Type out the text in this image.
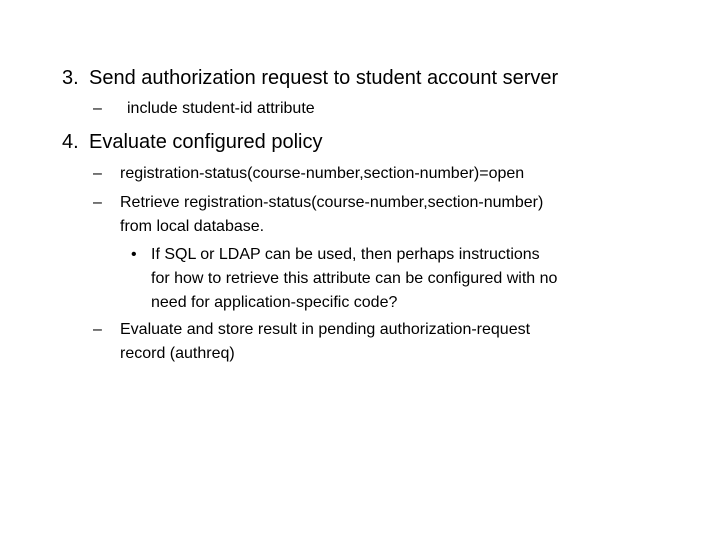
3. Send authorization request to student account server
– include student-id attribute
4. Evaluate configured policy
– registration-status(course-number,section-number)=open
– Retrieve registration-status(course-number,section-number)
from local database.
• If SQL or LDAP can be used, then perhaps instructions
for how to retrieve this attribute can be configured with no
need for application-specific code?
– Evaluate and store result in pending authorization-request
record (authreq)
